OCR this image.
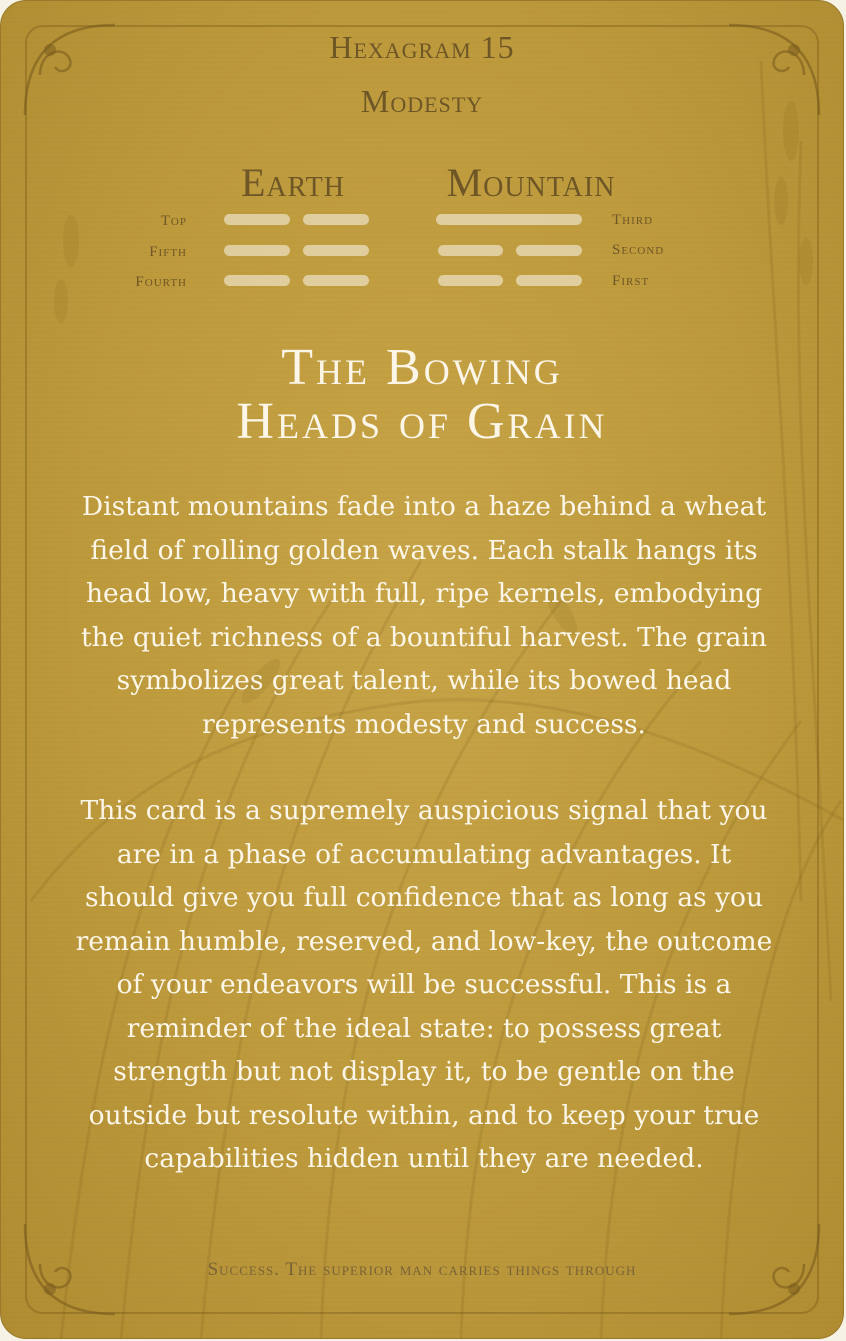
Hexagram 15
Modesty
Earth
Top
Fifth
Fourth
Mountain
Third
Second
First
The Bowing
Heads of Grain
Distant mountains fade into a haze behind a wheat field of rolling golden waves. Each stalk hangs its head low, heavy with full, ripe kernels, embodying the quiet richness of a bountiful harvest. The grain symbolizes great talent, while its bowed head represents modesty and success.
This card is a supremely auspicious signal that you are in a phase of accumulating advantages. It should give you full confidence that as long as you remain humble, reserved, and low-key, the outcome of your endeavors will be successful. This is a reminder of the ideal state: to possess great strength but not display it, to be gentle on the outside but resolute within, and to keep your true capabilities hidden until they are needed.
Success. The superior man carries things through
